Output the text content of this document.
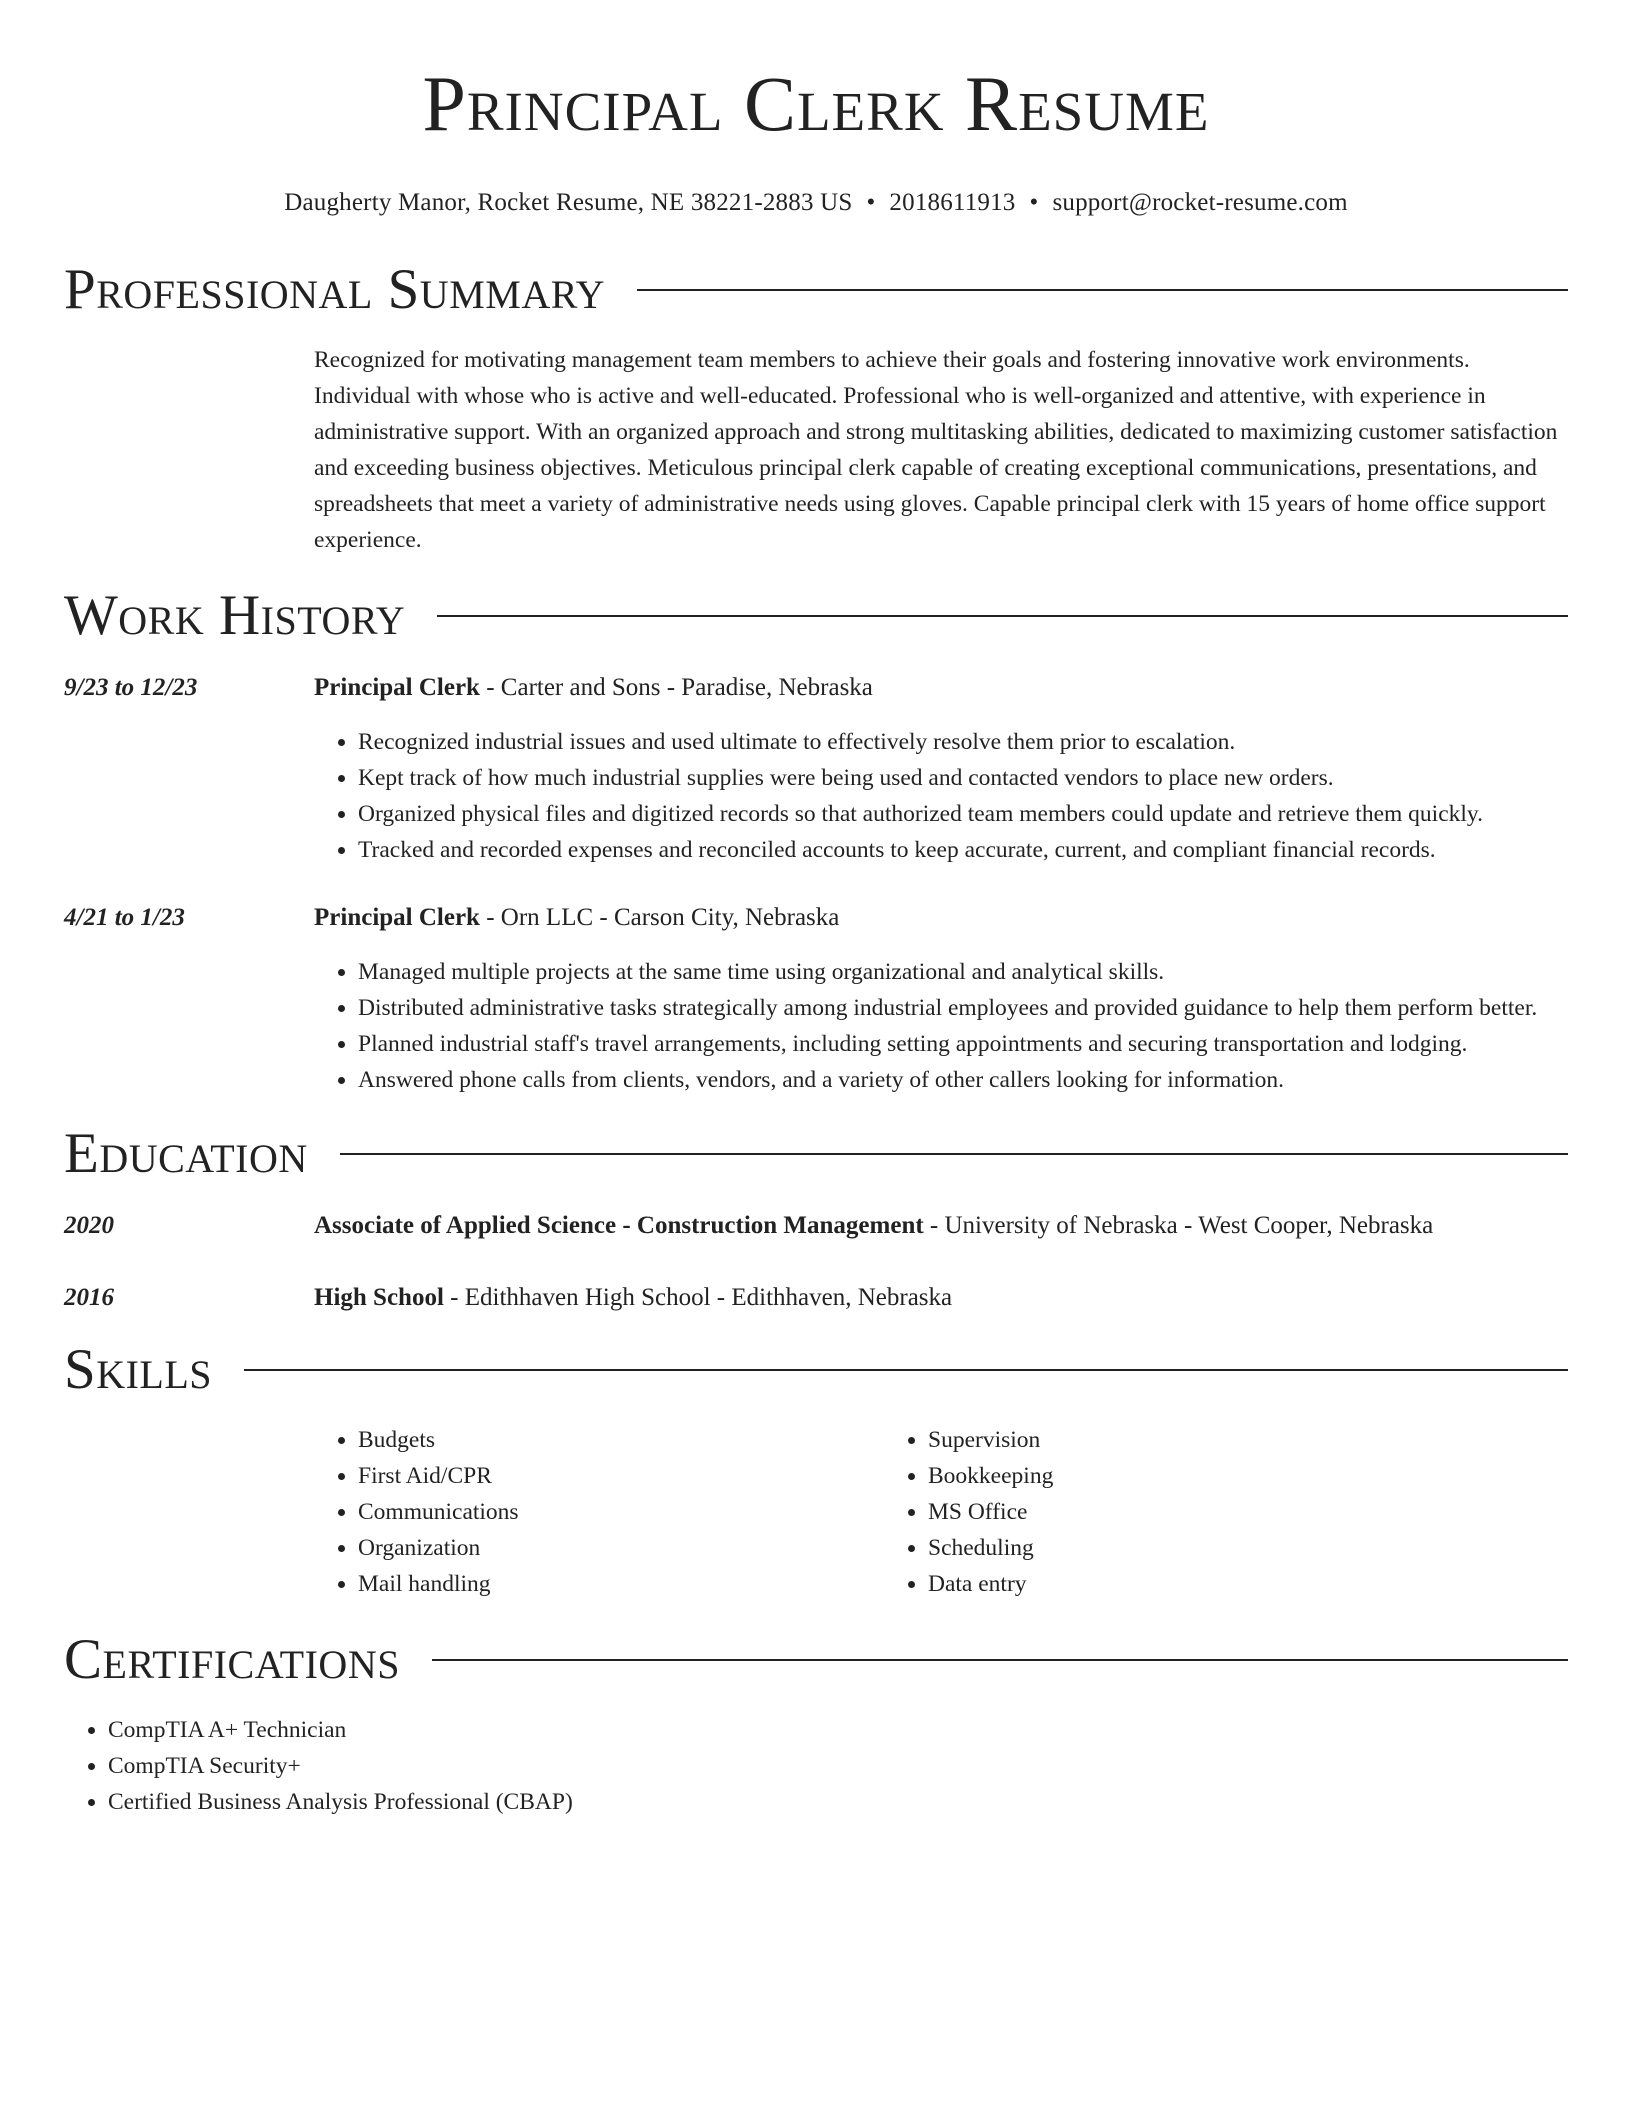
Principal Clerk Resume
Daugherty Manor, Rocket Resume, NE 38221-2883 US • 2018611913 • support@rocket-resume.com
Professional Summary
Recognized for motivating management team members to achieve their goals and fostering innovative work environments. Individual with whose who is active and well-educated. Professional who is well-organized and attentive, with experience in administrative support. With an organized approach and strong multitasking abilities, dedicated to maximizing customer satisfaction and exceeding business objectives. Meticulous principal clerk capable of creating exceptional communications, presentations, and spreadsheets that meet a variety of administrative needs using gloves. Capable principal clerk with 15 years of home office support experience.
Work History
9/23 to 12/23	Principal Clerk - Carter and Sons - Paradise, Nebraska
• Recognized industrial issues and used ultimate to effectively resolve them prior to escalation.
• Kept track of how much industrial supplies were being used and contacted vendors to place new orders.
• Organized physical files and digitized records so that authorized team members could update and retrieve them quickly.
• Tracked and recorded expenses and reconciled accounts to keep accurate, current, and compliant financial records.
4/21 to 1/23	Principal Clerk - Orn LLC - Carson City, Nebraska
• Managed multiple projects at the same time using organizational and analytical skills.
• Distributed administrative tasks strategically among industrial employees and provided guidance to help them perform better.
• Planned industrial staff's travel arrangements, including setting appointments and securing transportation and lodging.
• Answered phone calls from clients, vendors, and a variety of other callers looking for information.
Education
2020	Associate of Applied Science - Construction Management - University of Nebraska - West Cooper, Nebraska
2016	High School - Edithhaven High School - Edithhaven, Nebraska
Skills
• Budgets
• First Aid/CPR
• Communications
• Organization
• Mail handling
• Supervision
• Bookkeeping
• MS Office
• Scheduling
• Data entry
Certifications
• CompTIA A+ Technician
• CompTIA Security+
• Certified Business Analysis Professional (CBAP)
